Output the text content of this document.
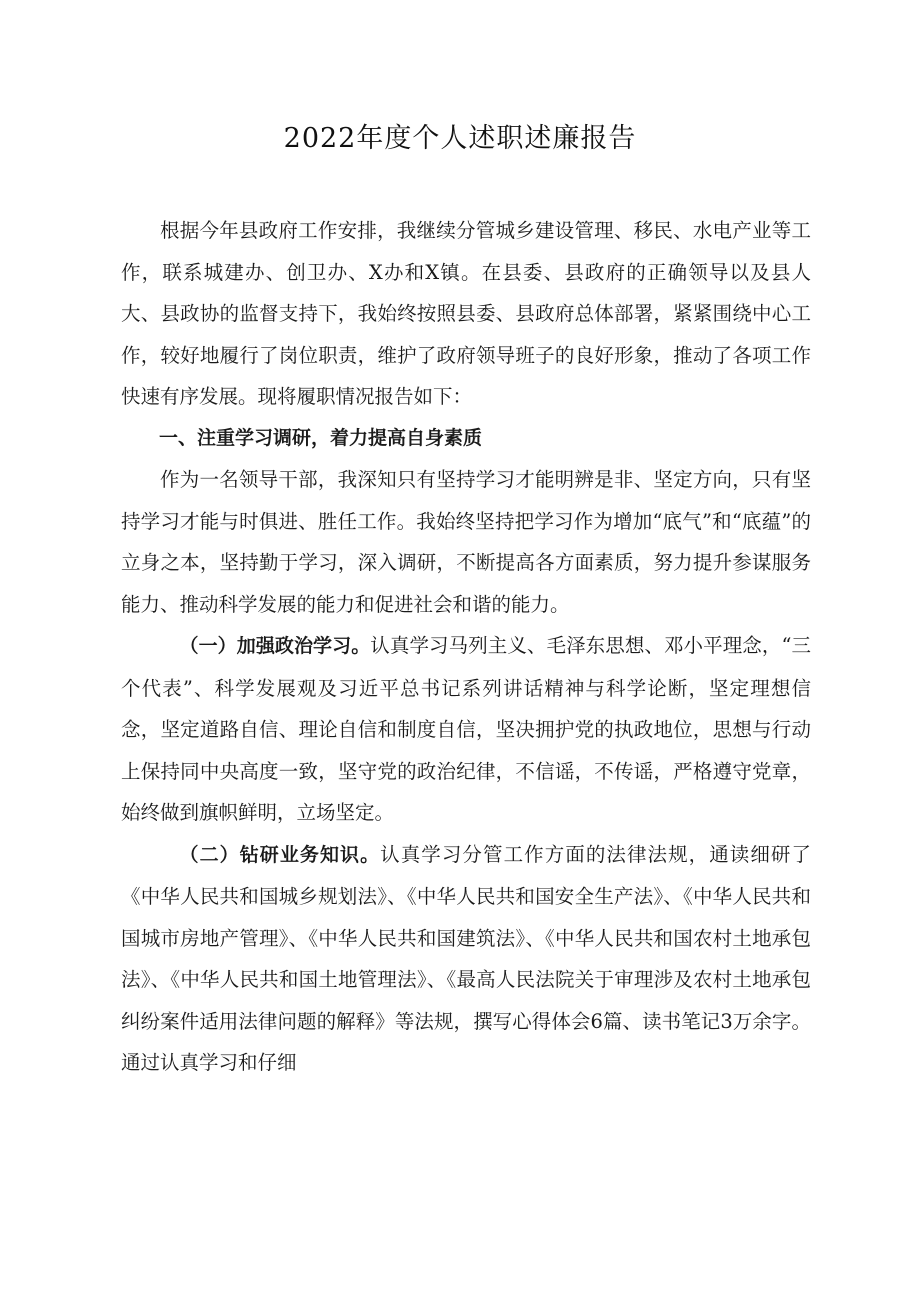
2022年度个人述职述廉报告

根据今年县政府工作安排，我继续分管城乡建设管理、移民、水电产业等工作，联系城建办、创卫办、X办和X镇。在县委、县政府的正确领导以及县人大、县政协的监督支持下，我始终按照县委、县政府总体部署，紧紧围绕中心工作，较好地履行了岗位职责，维护了政府领导班子的良好形象，推动了各项工作快速有序发展。现将履职情况报告如下：

一、注重学习调研，着力提高自身素质

作为一名领导干部，我深知只有坚持学习才能明辨是非、坚定方向，只有坚持学习才能与时俱进、胜任工作。我始终坚持把学习作为增加“底气”和“底蕴”的立身之本，坚持勤于学习，深入调研，不断提高各方面素质，努力提升参谋服务能力、推动科学发展的能力和促进社会和谐的能力。

（一）加强政治学习。认真学习马列主义、毛泽东思想、邓小平理念，“三个代表”、科学发展观及习近平总书记系列讲话精神与科学论断，坚定理想信念，坚定道路自信、理论自信和制度自信，坚决拥护党的执政地位，思想与行动上保持同中央高度一致，坚守党的政治纪律，不信谣，不传谣，严格遵守党章，始终做到旗帜鲜明，立场坚定。

（二）钻研业务知识。认真学习分管工作方面的法律法规，通读细研了《中华人民共和国城乡规划法》、《中华人民共和国安全生产法》、《中华人民共和国城市房地产管理》、《中华人民共和国建筑法》、《中华人民共和国农村土地承包法》、《中华人民共和国土地管理法》、《最高人民法院关于审理涉及农村土地承包纠纷案件适用法律问题的解释》等法规，撰写心得体会6篇、读书笔记3万余字。通过认真学习和仔细
